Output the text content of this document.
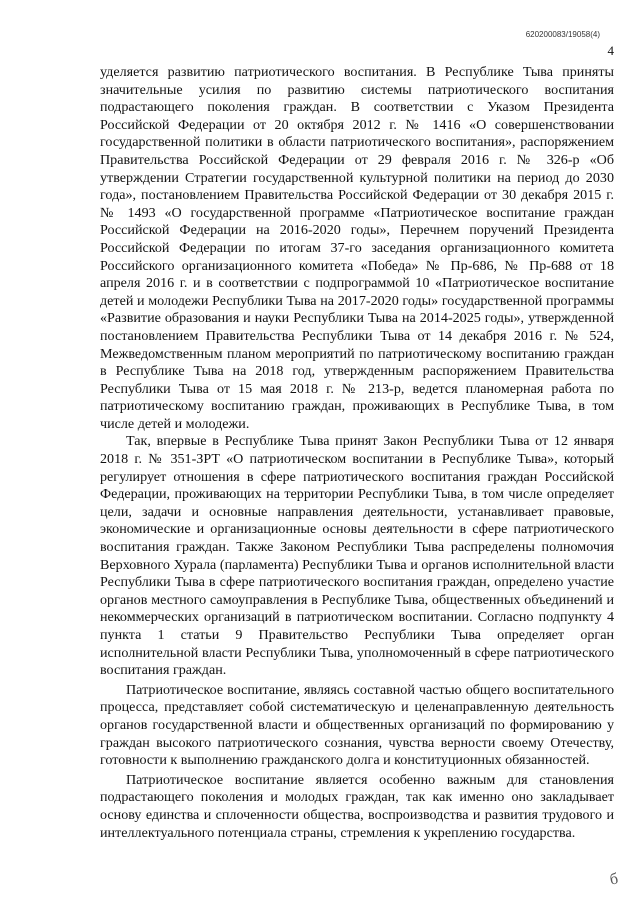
620200083/19058(4)
4

уделяется развитию патриотического воспитания. В Республике Тыва приняты значительные усилия по развитию системы патриотического воспитания подрастающего поколения граждан. В соответствии с Указом Президента Российской Федерации от 20 октября 2012 г. № 1416 «О совершенствовании государственной политики в области патриотического воспитания», распоряжением Правительства Российской Федерации от 29 февраля 2016 г. № 326-р «Об утверждении Стратегии государственной культурной политики на период до 2030 года», постановлением Правительства Российской Федерации от 30 декабря 2015 г. № 1493 «О государственной программе «Патриотическое воспитание граждан Российской Федерации на 2016-2020 годы», Перечнем поручений Президента Российской Федерации по итогам 37-го заседания организационного комитета Российского организационного комитета «Победа» № Пр-686, № Пр-688 от 18 апреля 2016 г. и в соответствии с подпрограммой 10 «Патриотическое воспитание детей и молодежи Республики Тыва на 2017-2020 годы» государственной программы «Развитие образования и науки Республики Тыва на 2014-2025 годы», утвержденной постановлением Правительства Республики Тыва от 14 декабря 2016 г. № 524, Межведомственным планом мероприятий по патриотическому воспитанию граждан в Республике Тыва на 2018 год, утвержденным распоряжением Правительства Республики Тыва от 15 мая 2018 г. № 213-р, ведется планомерная работа по патриотическому воспитанию граждан, проживающих в Республике Тыва, в том числе детей и молодежи.

Так, впервые в Республике Тыва принят Закон Республики Тыва от 12 января 2018 г. № 351-ЗРТ «О патриотическом воспитании в Республике Тыва», который регулирует отношения в сфере патриотического воспитания граждан Российской Федерации, проживающих на территории Республики Тыва, в том числе определяет цели, задачи и основные направления деятельности, устанавливает правовые, экономические и организационные основы деятельности в сфере патриотического воспитания граждан. Также Законом Республики Тыва распределены полномочия Верховного Хурала (парламента) Республики Тыва и органов исполнительной власти Республики Тыва в сфере патриотического воспитания граждан, определено участие органов местного самоуправления в Республике Тыва, общественных объединений и некоммерческих организаций в патриотическом воспитании. Согласно подпункту 4 пункта 1 статьи 9 Правительство Республики Тыва определяет орган исполнительной власти Республики Тыва, уполномоченный в сфере патриотического воспитания граждан.

Патриотическое воспитание, являясь составной частью общего воспитательного процесса, представляет собой систематическую и целенаправленную деятельность органов государственной власти и общественных организаций по формированию у граждан высокого патриотического сознания, чувства верности своему Отечеству, готовности к выполнению гражданского долга и конституционных обязанностей.

Патриотическое воспитание является особенно важным для становления подрастающего поколения и молодых граждан, так как именно оно закладывает основу единства и сплоченности общества, воспроизводства и развития трудового и интеллектуального потенциала страны, стремления к укреплению государства.

б
